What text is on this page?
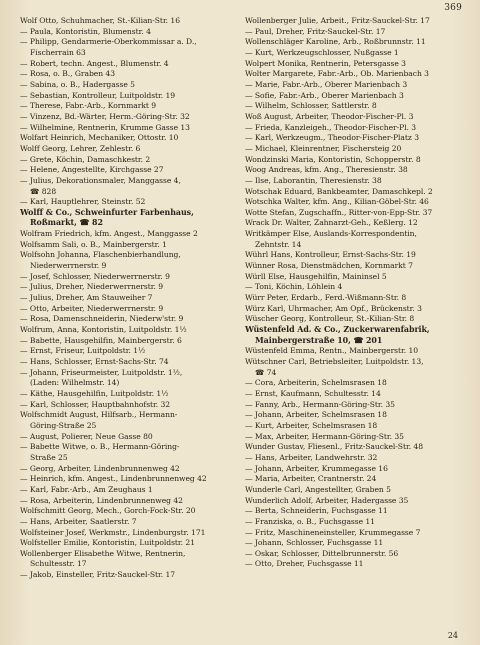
369
Wolf Otto, Schuhmacher, St.-Kilian-Str. 16
— Paula, Kontoristin, Blumenstr. 4
— Philipp, Gendarmerie-Oberkommissar a. D.,
Fischerrain 63
— Robert, techn. Angest., Blumenstr. 4
— Rosa, o. B., Graben 43
— Sabina, o. B., Hadergasse 5
— Sebastian, Kontrolleur, Luitpoldstr. 19
— Therese, Fabr.-Arb., Kornmarkt 9
— Vinzenz, Bd.-Wärter, Herm.-Göring-Str. 32
— Wilhelmine, Rentnerin, Krumme Gasse 13
Wolfart Heinrich, Mechaniker, Ottostr. 10
Wolff Georg, Lehrer, Zehlestr. 6
— Grete, Köchin, Damaschkestr. 2
— Helene, Angestellte, Kirchgasse 27
— Julius, Dekorationsmaler, Manggasse 4,
☎ 828
— Karl, Hauptlehrer, Steinstr. 52
Wolff & Co., Schweinfurter Farbenhaus,
Roßmarkt, ☎ 82
Wolfram Friedrich, kfm. Angest., Manggasse 2
Wolfsamm Sali, o. B., Mainbergerstr. 1
Wolfsohn Johanna, Flaschenbierhandlung,
Niederwerrnerstr. 9
— Josef, Schlosser, Niederwerrnerstr. 9
— Julius, Dreher, Niederwerrnerstr. 9
— Julius, Dreher, Am Stauweiher 7
— Otto, Arbeiter, Niederwerrnerstr. 9
— Rosa, Damenschneiderin, Niederw'str. 9
Wolfrum, Anna, Kontoristin, Luitpoldstr. 1½
— Babette, Hausgehilfin, Mainbergerstr. 6
— Ernst, Friseur, Luitpoldstr. 1½
— Hans, Schlosser, Ernst-Sachs-Str. 74
— Johann, Friseurmeister, Luitpoldstr. 1½,
(Laden: Wilhelmstr. 14)
— Käthe, Hausgehilfin, Luitpoldstr. 1½
— Karl, Schlosser, Hauptbahnhofstr. 32
Wolfschmidt August, Hilfsarb., Hermann-
Göring-Straße 25
— August, Polierer, Neue Gasse 80
— Babette Witwe, o. B., Hermann-Göring-
Straße 25
— Georg, Arbeiter, Lindenbrunnenweg 42
— Heinrich, kfm. Angest., Lindenbrunnenweg 42
— Karl, Fabr.-Arb., Am Zeughaus 1
— Rosa, Arbeiterin, Lindenbrunnenweg 42
Wolfschmitt Georg, Mech., Gorch-Fock-Str. 20
— Hans, Arbeiter, Saatlerstr. 7
Wolfsteiner Josef, Werkmstr., Lindenburgstr. 171
Wolfsteller Emilie, Kontoristin, Luitpoldstr. 21
Wollenberger Elisabethe Witwe, Rentnerin,
Schultesstr. 17
— Jakob, Einsteller, Fritz-Sauckel-Str. 17
Wollenberger Julie, Arbeit., Fritz-Sauckel-Str. 17
— Paul, Dreher, Fritz-Sauckel-Str. 17
Wollenschläger Karoline, Arb., Roßbrunnstr. 11
— Kurt, Werkzeugschlosser, Nußgasse 1
Wolpert Monika, Rentnerin, Petersgasse 3
Wolter Margarete, Fabr.-Arb., Ob. Marienbach 3
— Marie, Fabr.-Arb., Oberer Marienbach 3
— Sofie, Fabr.-Arb., Oberer Marienbach 3
— Wilhelm, Schlosser, Sattlerstr. 8
Woß August, Arbeiter, Theodor-Fischer-Pl. 3
— Frieda, Kanzleigeh., Theodor-Fischer-Pl. 3
— Karl, Werkzeugm., Theodor-Fischer-Platz 3
— Michael, Kleinrentner, Fischersteig 20
Wondzinski Maria, Kontoristin, Schopperstr. 8
Woog Andreas, kfm. Ang., Theresienstr. 38
— Ilse, Laborantin, Theresienstr. 38
Wotschak Eduard, Bankbeamter, Damaschkepl. 2
Wotschka Walter, kfm. Ang., Kilian-Göbel-Str. 46
Wotte Stefan, Zugschaffn., Ritter-von-Epp-Str. 37
Wrack Dr. Walter, Zahnarzt-Geh., Keßlerg. 12
Writkämper Else, Auslands-Korrespondentin,
Zehntstr. 14
Wührl Hans, Kontrolleur, Ernst-Sachs-Str. 19
Wünner Rosa, Dienstmädchen, Kornmarkt 7
Würll Else, Hausgehilfin, Maininsel 5
— Toni, Köchin, Löhlein 4
Würr Peter, Erdarb., Ferd.-Wißmann-Str. 8
Würz Karl, Uhrmacher, Am Opf., Brückenstr. 3
Wüscher Georg, Kontrolleur, St.-Kilian-Str. 8
Wüstenfeld Ad. & Co., Zuckerwarenfabrik,
Mainbergerstraße 10, ☎ 201
Wüstenfeld Emma, Rentn., Mainbergerstr. 10
Wütschner Carl, Betriebsleiter, Luitpoldstr. 13,
☎ 74
— Cora, Arbeiterin, Schelmsrasen 18
— Ernst, Kaufmann, Schultesstr. 14
— Fanny, Arb., Hermann-Göring-Str. 35
— Johann, Arbeiter, Schelmsrasen 18
— Kurt, Arbeiter, Schelmsrasen 18
— Max, Arbeiter, Hermann-Göring-Str. 35
Wunder Gustav, Fliesenl., Fritz-Sauckel-Str. 48
— Hans, Arbeiter, Landwehrstr. 32
— Johann, Arbeiter, Krummegasse 16
— Maria, Arbeiter, Crantnerstr. 24
Wunderle Carl, Angestellter, Graben 5
Wunderlich Adolf, Arbeiter, Hadergasse 35
— Berta, Schneiderin, Fuchsgasse 11
— Franziska, o. B., Fuchsgasse 11
— Fritz, Maschineneinsteller, Krummegasse 7
— Johann, Schlosser, Fuchsgasse 11
— Oskar, Schlosser, Dittelbrunnerstr. 56
— Otto, Dreher, Fuchsgasse 11
24
